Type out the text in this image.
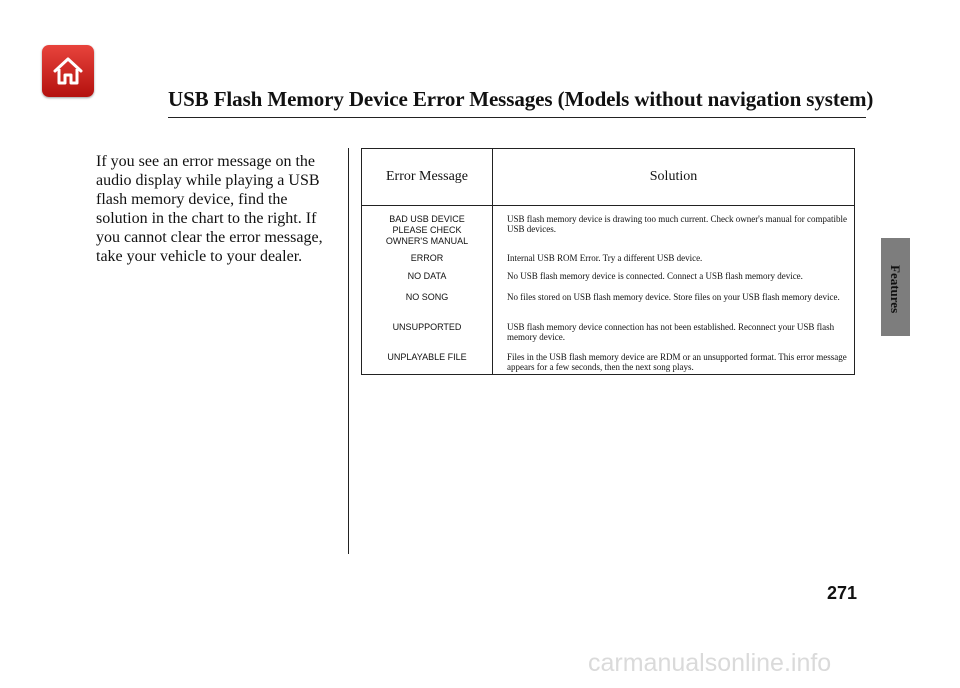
USB Flash Memory Device Error Messages (Models without navigation system)

If you see an error message on the audio display while playing a USB flash memory device, find the solution in the chart to the right. If you cannot clear the error message, take your vehicle to your dealer.

Error Message	Solution
BAD USB DEVICE PLEASE CHECK OWNER'S MANUAL	USB flash memory device is drawing too much current. Check owner's manual for compatible USB devices.
ERROR	Internal USB ROM Error. Try a different USB device.
NO DATA	No USB flash memory device is connected. Connect a USB flash memory device.
NO SONG	No files stored on USB flash memory device. Store files on your USB flash memory device.
UNSUPPORTED	USB flash memory device connection has not been established. Reconnect your USB flash memory device.
UNPLAYABLE FILE	Files in the USB flash memory device are RDM or an unsupported format. This error message appears for a few seconds, then the next song plays.
Features

271

carmanualsonline.info
